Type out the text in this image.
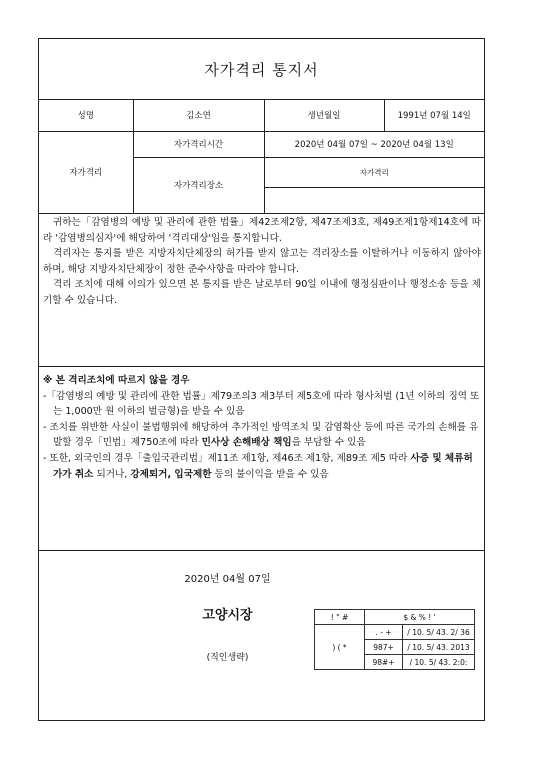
자가격리 통지서
성명	김소연	생년월일	1991년 07월 14일
자가격리	자가격리시간	2020년 04월 07일 ~ 2020년 04월 13일	
	자가격리장소	자가격리	

귀하는「감염병의 예방 및 관리에 관한 법률」제42조제2항, 제47조제3호, 제49조제1항제14호에 따라 '감염병의심자'에 해당하여 '격리대상'임을 통지합니다.

격리자는 통지를 받은 지방자치단체장의 허가를 받지 않고는 격리장소를 이탈하거나 이동하지 않아야 하며, 해당 지방자치단체장이 정한 준수사항을 따라야 합니다.

격리 조치에 대해 이의가 있으면 본 통지를 받은 날로부터 90일 이내에 행정심판이나 행정소송 등을 제기할 수 있습니다.

※ 본 격리조치에 따르지 않을 경우

-「감염병의 예방 및 관리에 관한 법률」제79조의3 제3부터 제5호에 따라 형사처벌 (1년 이하의 징역 또는 1,000만 원 이하의 벌금형)을 받을 수 있음

- 조치를 위반한 사실이 불법행위에 해당하여 추가적인 방역조치 및 감염확산 등에 따른 국가의 손해를 유발할 경우「민법」제750조에 따라 민사상 손해배상 책임을 부담할 수 있음

- 또한, 외국인의 경우「출입국관리법」제11조 제1항, 제46조 제1항, 제89조 제5 따라 사증 및 체류허가가 취소 되거나, 강제퇴거, 입국제한 등의 불이익을 받을 수 있음

2020년 04월 07일
고양시장
(직인생략)
! " #	$ & % ! '	
) ( *	. - +	/ 10. 5/ 43. 2/ 36
	987+	/ 10. 5/ 43. 2013
	98#+	/ 10. 5/ 43. 2:0:
